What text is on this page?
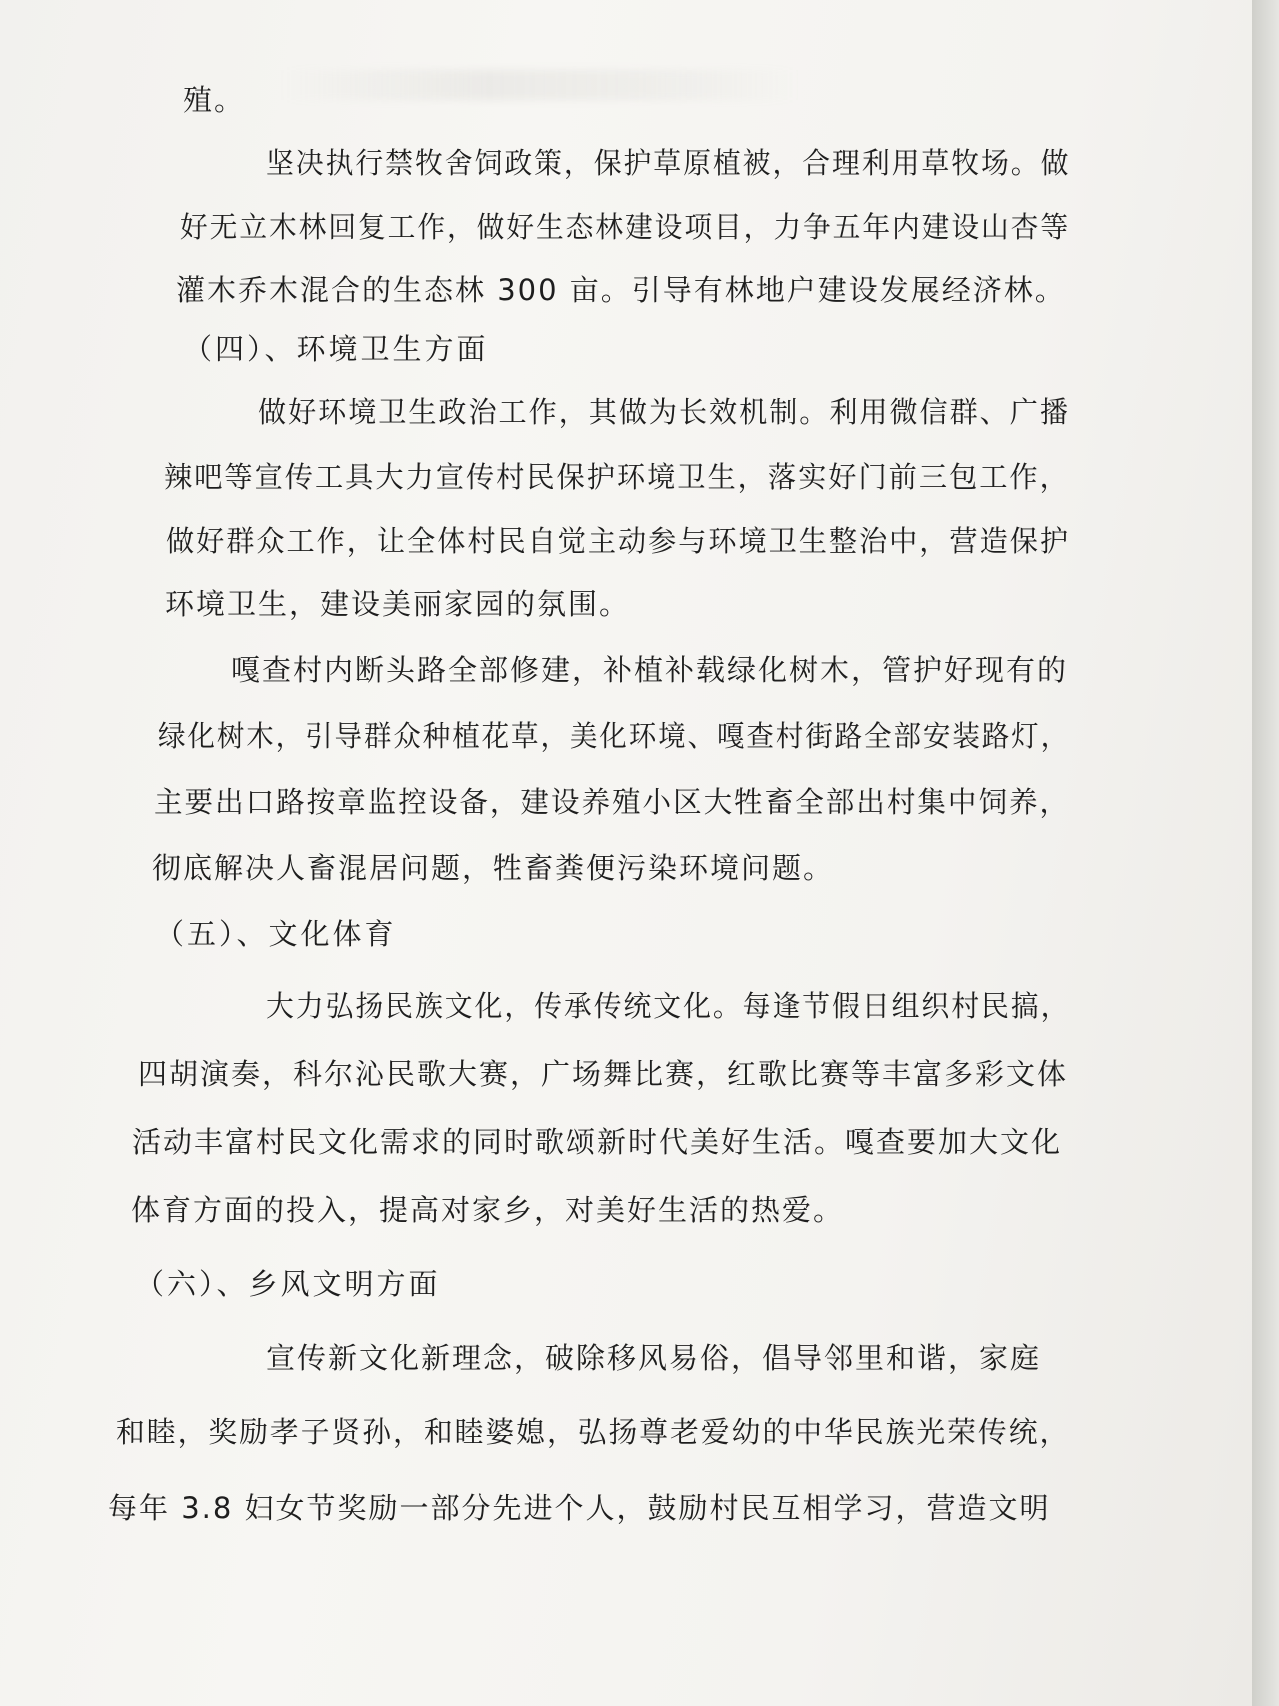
殖。
坚决执行禁牧舍饲政策，保护草原植被，合理利用草牧场。做
好无立木林回复工作，做好生态林建设项目，力争五年内建设山杏等
灌木乔木混合的生态林 300 亩。引导有林地户建设发展经济林。
（四）、环境卫生方面
做好环境卫生政治工作，其做为长效机制。利用微信群、广播
辣吧等宣传工具大力宣传村民保护环境卫生，落实好门前三包工作，
做好群众工作，让全体村民自觉主动参与环境卫生整治中，营造保护
环境卫生，建设美丽家园的氛围。
嘎查村内断头路全部修建，补植补载绿化树木，管护好现有的
绿化树木，引导群众种植花草，美化环境、嘎查村街路全部安装路灯，
主要出口路按章监控设备，建设养殖小区大牲畜全部出村集中饲养，
彻底解决人畜混居问题，牲畜粪便污染环境问题。
（五）、文化体育
大力弘扬民族文化，传承传统文化。每逢节假日组织村民搞，
四胡演奏，科尔沁民歌大赛，广场舞比赛，红歌比赛等丰富多彩文体
活动丰富村民文化需求的同时歌颂新时代美好生活。嘎查要加大文化
体育方面的投入，提高对家乡，对美好生活的热爱。
（六）、乡风文明方面
宣传新文化新理念，破除移风易俗，倡导邻里和谐，家庭
和睦，奖励孝子贤孙，和睦婆媳，弘扬尊老爱幼的中华民族光荣传统，
每年 3.8 妇女节奖励一部分先进个人，鼓励村民互相学习，营造文明
